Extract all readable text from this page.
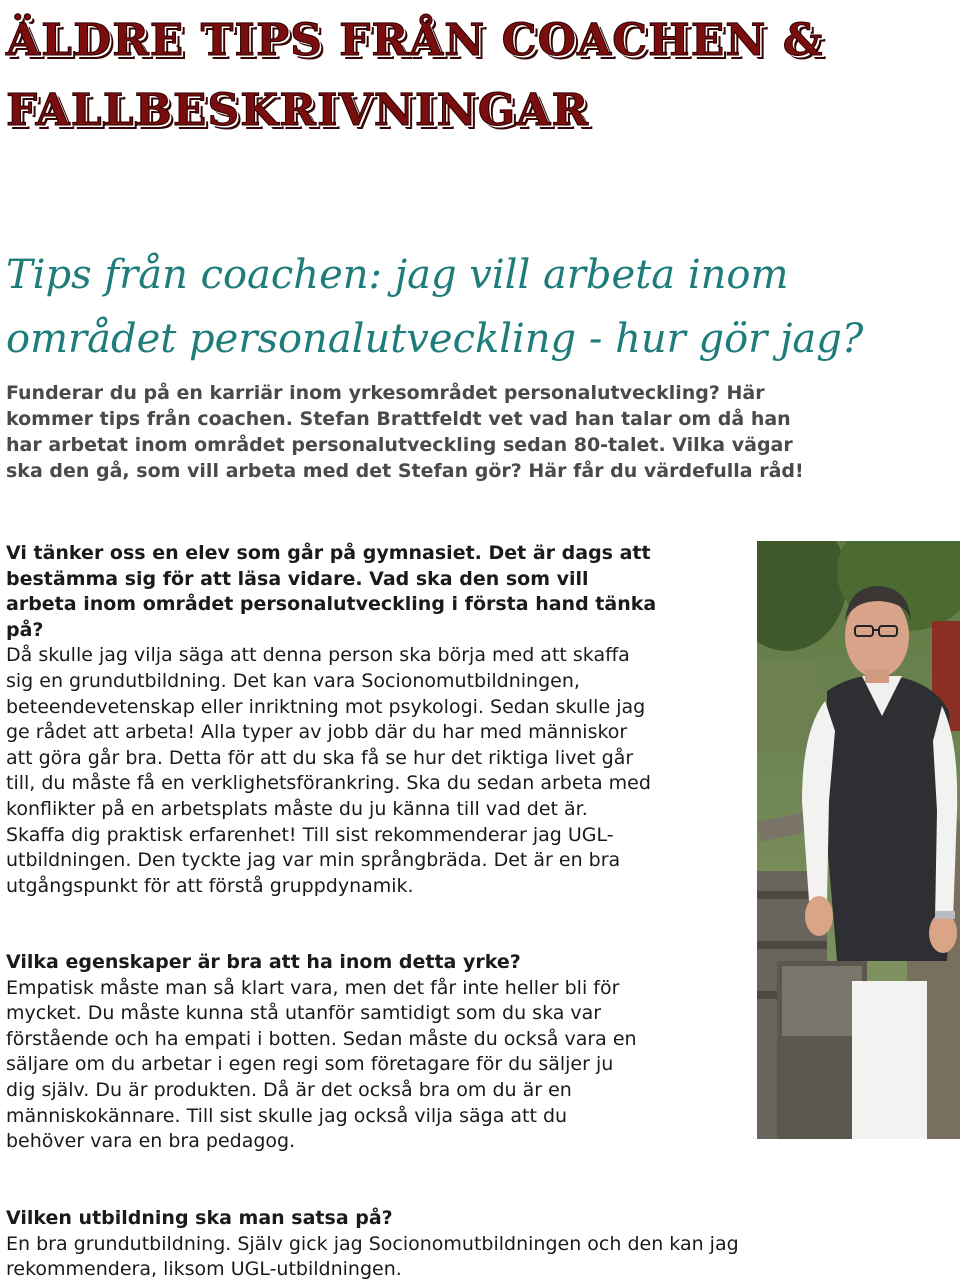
ÄLDRE TIPS FRÅN COACHEN &
FALLBESKRIVNINGAR
Tips från coachen: jag vill arbeta inom
området personalutveckling - hur gör jag?
Funderar du på en karriär inom yrkesområdet personalutveckling? Här
kommer tips från coachen. Stefan Brattfeldt vet vad han talar om då han
har arbetat inom området personalutveckling sedan 80-talet. Vilka vägar
ska den gå, som vill arbeta med det Stefan gör? Här får du värdefulla råd!
Vi tänker oss en elev som går på gymnasiet. Det är dags att
bestämma sig för att läsa vidare. Vad ska den som vill
arbeta inom området personalutveckling i första hand tänka
på?
Då skulle jag vilja säga att denna person ska börja med att skaffa
sig en grundutbildning. Det kan vara Socionomutbildningen,
beteendevetenskap eller inriktning mot psykologi. Sedan skulle jag
ge rådet att arbeta! Alla typer av jobb där du har med människor
att göra går bra. Detta för att du ska få se hur det riktiga livet går
till, du måste få en verklighetsförankring. Ska du sedan arbeta med
konflikter på en arbetsplats måste du ju känna till vad det är.
Skaffa dig praktisk erfarenhet! Till sist rekommenderar jag UGL-
utbildningen. Den tyckte jag var min språngbräda. Det är en bra
utgångspunkt för att förstå gruppdynamik.
Vilka egenskaper är bra att ha inom detta yrke?
Empatisk måste man så klart vara, men det får inte heller bli för
mycket. Du måste kunna stå utanför samtidigt som du ska var
förstående och ha empati i botten. Sedan måste du också vara en
säljare om du arbetar i egen regi som företagare för du säljer ju
dig själv. Du är produkten. Då är det också bra om du är en
människokännare. Till sist skulle jag också vilja säga att du
behöver vara en bra pedagog.
Vilken utbildning ska man satsa på?
En bra grundutbildning. Själv gick jag Socionomutbildningen och den kan jag
rekommendera, liksom UGL-utbildningen.
